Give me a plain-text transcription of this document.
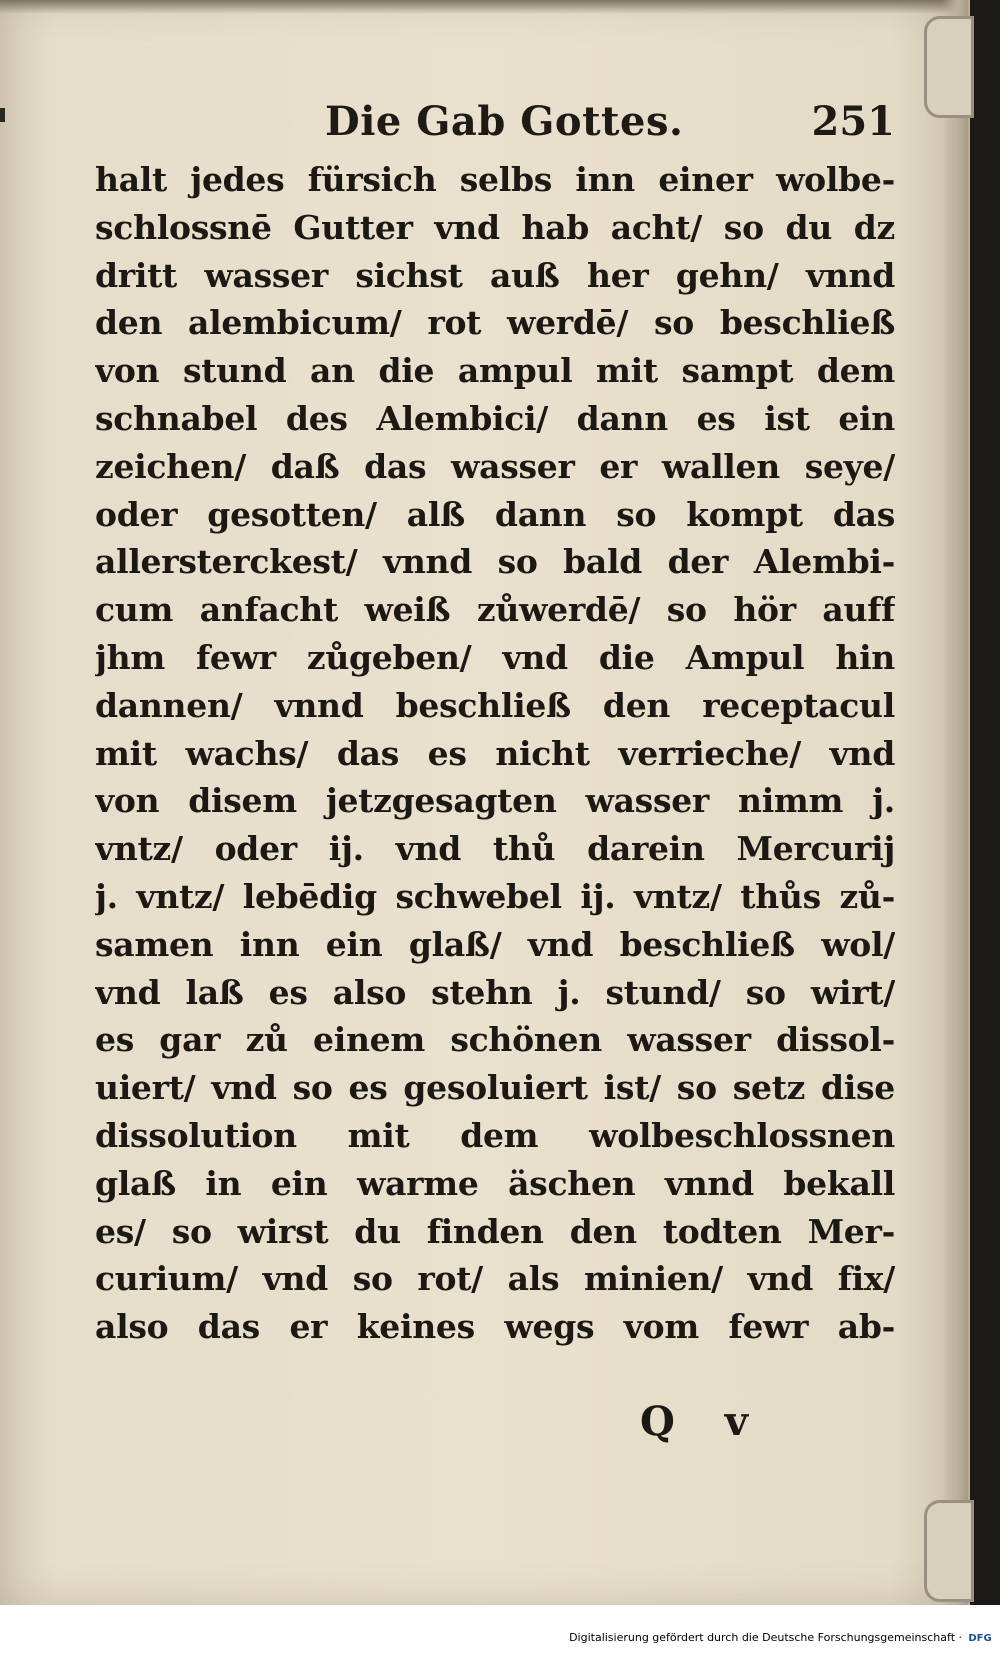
Die Gab Gottes.	251
halt jedes fürsich selbs inn einer wolbe-
schlossnē Gutter vnd hab acht/ so du dz
dritt wasser sichst auß her gehn/ vnnd
den alembicum/ rot werdē/ so beschließ
von stund an die ampul mit sampt dem
schnabel des Alembici/ dann es ist ein
zeichen/ daß das wasser er wallen seye/
oder gesotten/ alß dann so kompt das
allersterckest/ vnnd so bald der Alembi-
cum anfacht weiß zůwerdē/ so hör auff
jhm fewr zůgeben/ vnd die Ampul hin
dannen/ vnnd beschließ den receptacul
mit wachs/ das es nicht verrieche/ vnd
von disem jetzgesagten wasser nimm j.
vntz/ oder ij. vnd thů darein Mercurij
j. vntz/ lebēdig schwebel ij. vntz/ thůs zů-
samen inn ein glaß/ vnd beschließ wol/
vnd laß es also stehn j. stund/ so wirt/
es gar zů einem schönen wasser dissol-
uiert/ vnd so es gesoluiert ist/ so setz dise
dissolution mit dem wolbeschlossnen
glaß in ein warme äschen vnnd bekall
es/ so wirst du finden den todten Mer-
curium/ vnd so rot/ als minien/ vnd fix/
also das er keines wegs vom fewr ab-
Q v
Digitalisierung gefördert durch die Deutsche Forschungsgemeinschaft · DFG
